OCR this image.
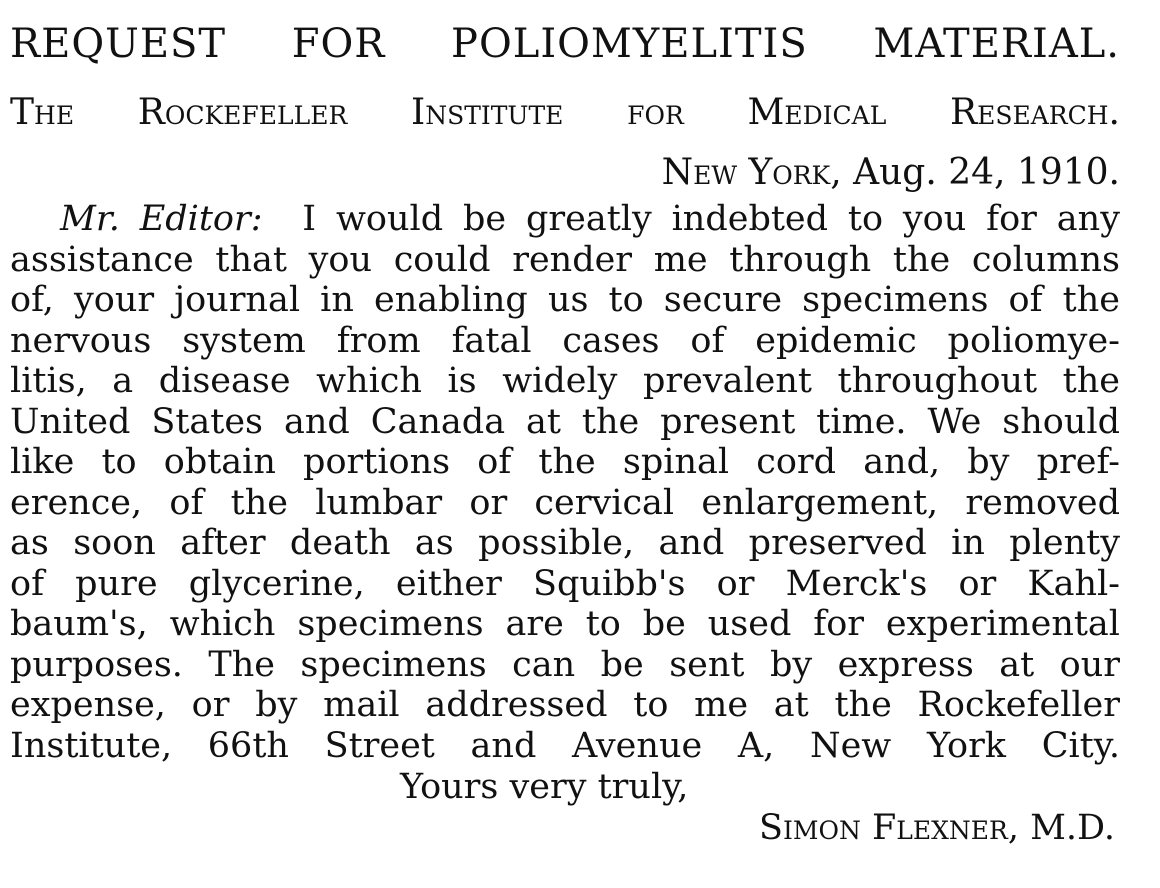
REQUEST FOR POLIOMYELITIS MATERIAL.
The Rockefeller Institute for Medical Research.
New York, Aug. 24, 1910.
Mr. Editor: I would be greatly indebted to you for any
assistance that you could render me through the columns
of, your journal in enabling us to secure specimens of the
nervous system from fatal cases of epidemic poliomye-
litis, a disease which is widely prevalent throughout the
United States and Canada at the present time. We should
like to obtain portions of the spinal cord and, by pref-
erence, of the lumbar or cervical enlargement, removed
as soon after death as possible, and preserved in plenty
of pure glycerine, either Squibb's or Merck's or Kahl-
baum's, which specimens are to be used for experimental
purposes. The specimens can be sent by express at our
expense, or by mail addressed to me at the Rockefeller
Institute, 66th Street and Avenue A, New York City.
Yours very truly,
Simon Flexner, M.D.
